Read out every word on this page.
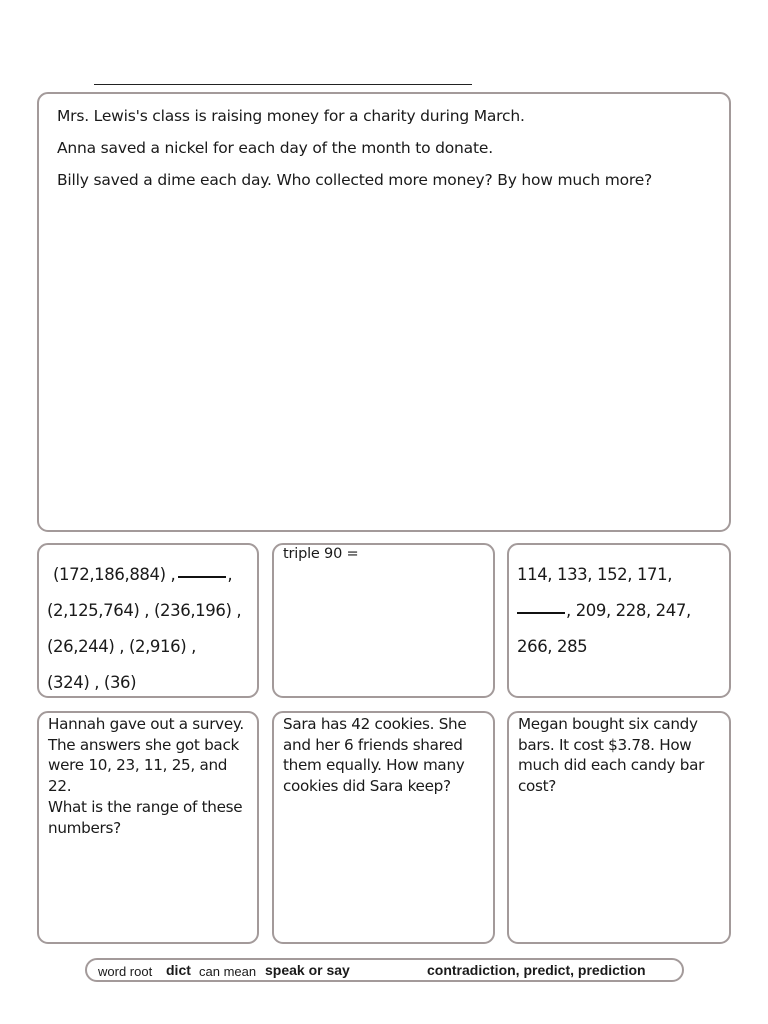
Mrs. Lewis's class is raising money for a charity during March.

Anna saved a nickel for each day of the month to donate.

Billy saved a dime each day. Who collected more money? By how much more?

(172,186,884) ,	,
(2,125,764) , (236,196) ,
(26,244) , (2,916) ,
(324) , (36)
triple 90 =
114, 133, 152, 171,
, 209, 228, 247,
266, 285
Hannah gave out a survey.
The answers she got back
were 10, 23, 11, 25, and 22.
What is the range of these
numbers?
Sara has 42 cookies. She
and her 6 friends shared
them equally. How many
cookies did Sara keep?
Megan bought six candy
bars. It cost $3.78. How
much did each candy bar
cost?
word root dict can mean speak or say	contradiction, predict, prediction
